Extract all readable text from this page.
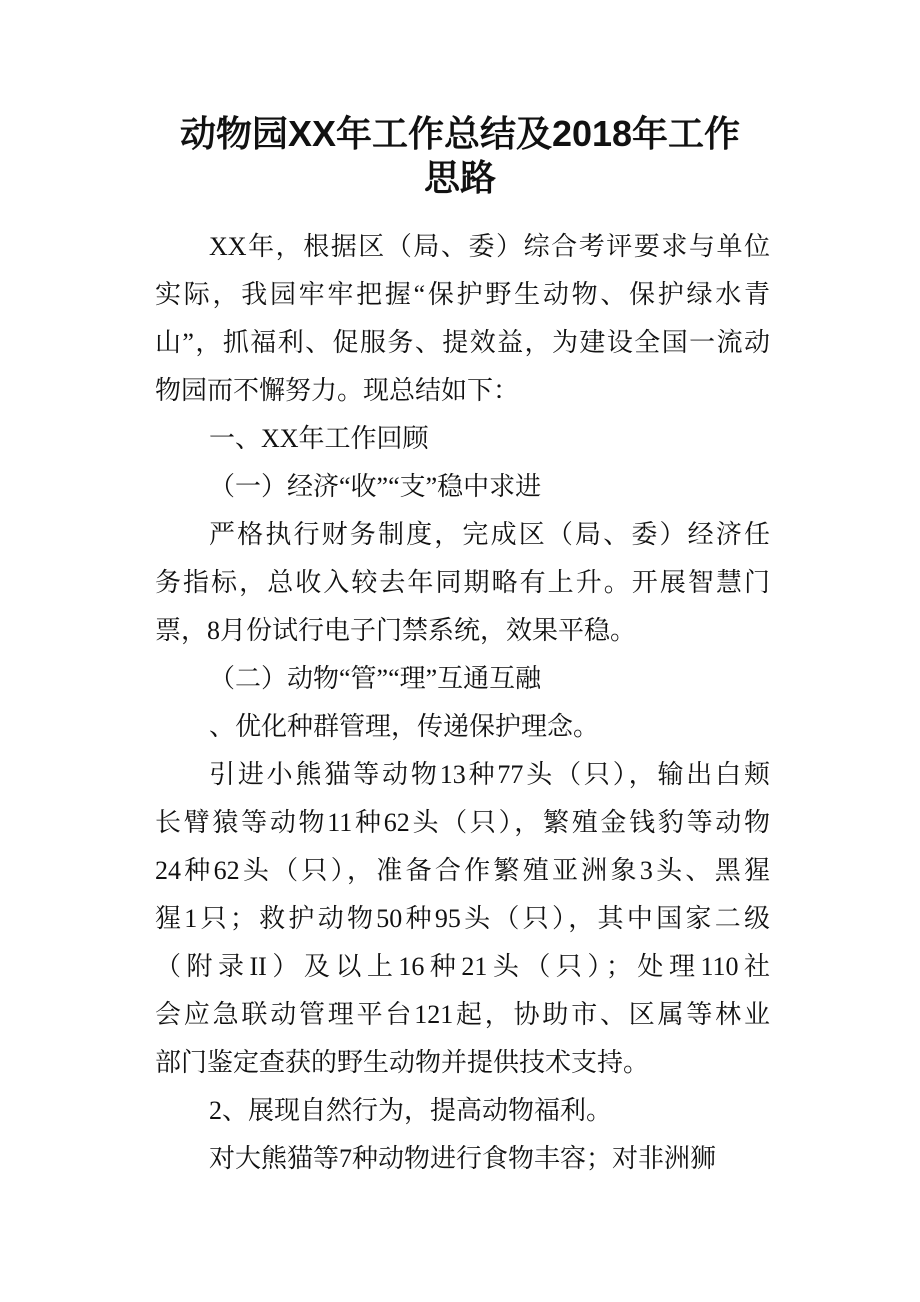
动物园XX年工作总结及2018年工作
思路
XX年，根据区（局、委）综合考评要求与单位
实际，我园牢牢把握“保护野生动物、保护绿水青
山”，抓福利、促服务、提效益，为建设全国一流动
物园而不懈努力。现总结如下：
一、XX年工作回顾
（一）经济“收”“支”稳中求进
严格执行财务制度，完成区（局、委）经济任
务指标，总收入较去年同期略有上升。开展智慧门
票，8月份试行电子门禁系统，效果平稳。
（二）动物“管”“理”互通互融
、优化种群管理，传递保护理念。
引进小熊猫等动物13种77头（只），输出白颊
长臂猿等动物11种62头（只），繁殖金钱豹等动物
24种62头（只），准备合作繁殖亚洲象3头、黑猩
猩1只；救护动物50种95头（只），其中国家二级
（附录II）及以上16种21头（只）；处理110社
会应急联动管理平台121起，协助市、区属等林业
部门鉴定查获的野生动物并提供技术支持。
2、展现自然行为，提高动物福利。
对大熊猫等7种动物进行食物丰容；对非洲狮
